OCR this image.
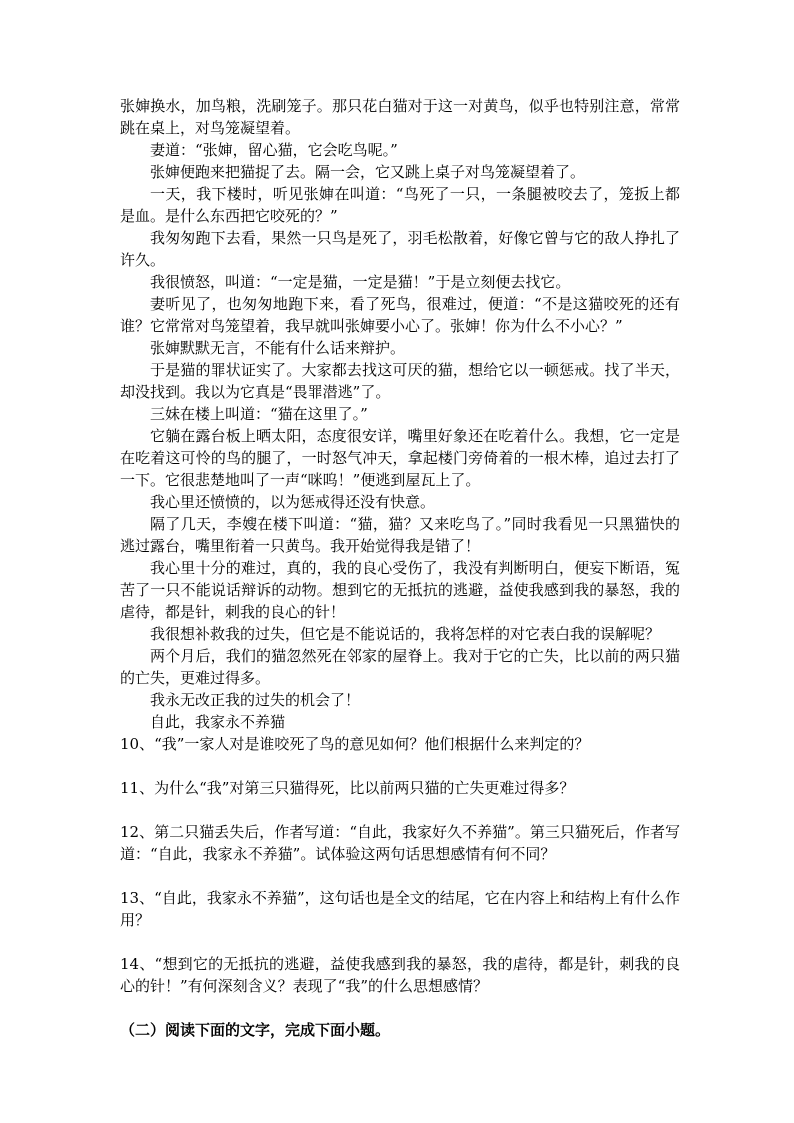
张婶换水，加鸟粮，洗刷笼子。那只花白猫对于这一对黄鸟，似乎也特别注意，常常跳在桌上，对鸟笼凝望着。

妻道：“张婶，留心猫，它会吃鸟呢。”

张婶便跑来把猫捉了去。隔一会，它又跳上桌子对鸟笼凝望着了。

一天，我下楼时，听见张婶在叫道：“鸟死了一只，一条腿被咬去了，笼扳上都是血。是什么东西把它咬死的？”

我匆匆跑下去看，果然一只鸟是死了，羽毛松散着，好像它曾与它的敌人挣扎了许久。

我很愤怒，叫道：“一定是猫，一定是猫！”于是立刻便去找它。

妻听见了，也匆匆地跑下来，看了死鸟，很难过，便道：“不是这猫咬死的还有谁？它常常对鸟笼望着，我早就叫张婶要小心了。张婶！你为什么不小心？”

张婶默默无言，不能有什么话来辩护。

于是猫的罪状证实了。大家都去找这可厌的猫，想给它以一顿惩戒。找了半天，却没找到。我以为它真是“畏罪潜逃”了。

三妹在楼上叫道：“猫在这里了。”

它躺在露台板上晒太阳，态度很安详，嘴里好象还在吃着什么。我想，它一定是在吃着这可怜的鸟的腿了，一时怒气冲天，拿起楼门旁倚着的一根木棒，追过去打了一下。它很悲楚地叫了一声“咪呜！”便逃到屋瓦上了。

我心里还愤愤的，以为惩戒得还没有快意。

隔了几天，李嫂在楼下叫道：“猫，猫？又来吃鸟了。”同时我看见一只黑猫快的逃过露台，嘴里衔着一只黄鸟。我开始觉得我是错了！

我心里十分的难过，真的，我的良心受伤了，我没有判断明白，便妄下断语，冤苦了一只不能说话辩诉的动物。想到它的无抵抗的逃避，益使我感到我的暴怒，我的虐待，都是针，刺我的良心的针！

我很想补救我的过失，但它是不能说话的，我将怎样的对它表白我的误解呢？

两个月后，我们的猫忽然死在邻家的屋脊上。我对于它的亡失，比以前的两只猫的亡失，更难过得多。

我永无改正我的过失的机会了！

自此，我家永不养猫

10、“我”一家人对是谁咬死了鸟的意见如何？他们根据什么来判定的？

11、为什么“我”对第三只猫得死，比以前两只猫的亡失更难过得多？

12、第二只猫丢失后，作者写道：“自此，我家好久不养猫”。第三只猫死后，作者写道：“自此，我家永不养猫”。试体验这两句话思想感情有何不同？

13、“自此，我家永不养猫”，这句话也是全文的结尾，它在内容上和结构上有什么作用？

14、“想到它的无抵抗的逃避，益使我感到我的暴怒，我的虐待，都是针，刺我的良心的针！”有何深刻含义？表现了“我”的什么思想感情？

（二）阅读下面的文字，完成下面小题。
